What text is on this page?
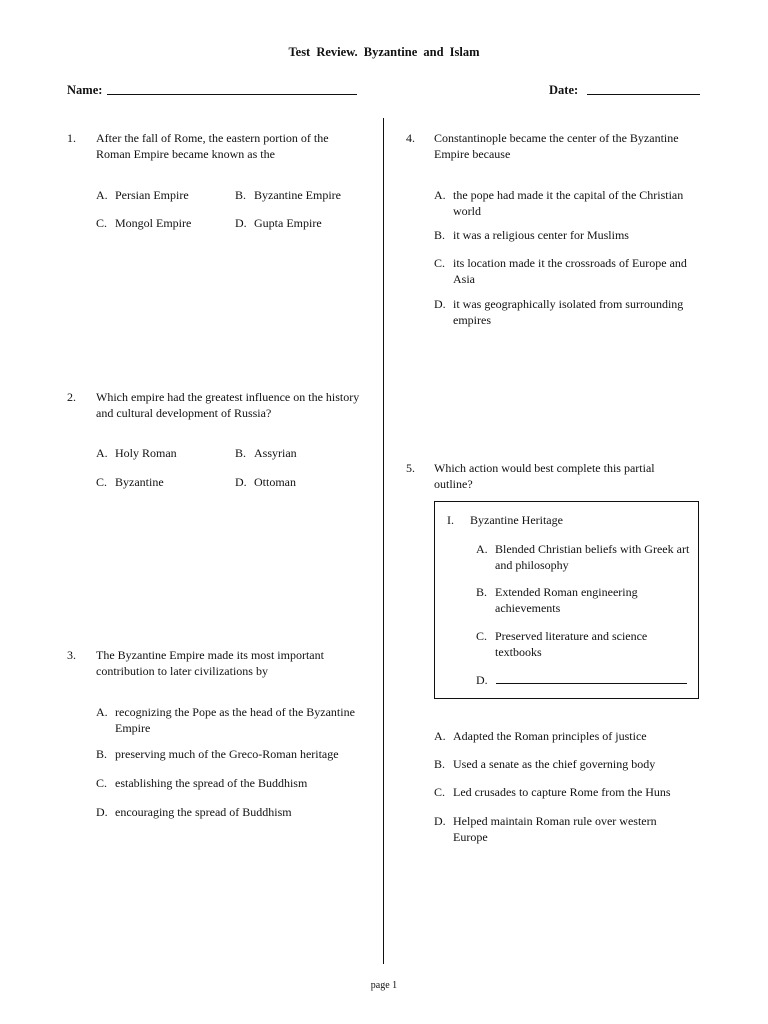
Test Review. Byzantine and Islam
Name:	Date:
1.	After the fall of Rome, the eastern portion of the Roman Empire became known as the
A. Persian Empire	B. Byzantine Empire
C. Mongol Empire	D. Gupta Empire
2.	Which empire had the greatest influence on the history and cultural development of Russia?
A. Holy Roman	B. Assyrian
C. Byzantine	D. Ottoman
3.	The Byzantine Empire made its most important contribution to later civilizations by
A. recognizing the Pope as the head of the Byzantine Empire
B. preserving much of the Greco-Roman heritage
C. establishing the spread of the Buddhism
D. encouraging the spread of Buddhism
4.	Constantinople became the center of the Byzantine Empire because
A. the pope had made it the capital of the Christian world
B. it was a religious center for Muslims
C. its location made it the crossroads of Europe and Asia
D. it was geographically isolated from surrounding empires
5.	Which action would best complete this partial outline?
I. Byzantine Heritage
A. Blended Christian beliefs with Greek art and philosophy
B. Extended Roman engineering achievements
C. Preserved literature and science textbooks
D.
A. Adapted the Roman principles of justice
B. Used a senate as the chief governing body
C. Led crusades to capture Rome from the Huns
D. Helped maintain Roman rule over western Europe
page 1
